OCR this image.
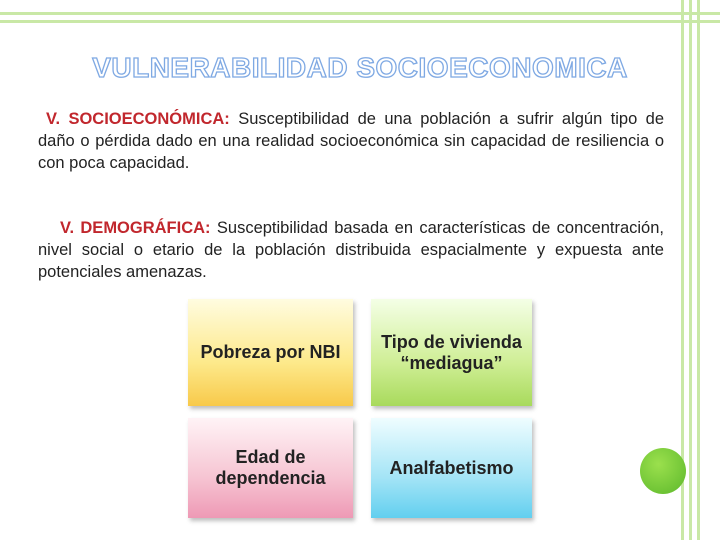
VULNERABILIDAD SOCIOECONOMICA

V. SOCIOECONÓMICA: Susceptibilidad de una población a sufrir algún tipo de daño o pérdida dado en una realidad socioeconómica sin capacidad de resiliencia o con poca capacidad.

V. DEMOGRÁFICA: Susceptibilidad basada en características de concentración, nivel social o etario de la población distribuida espacialmente y expuesta ante potenciales amenazas.

Pobreza por NBI
Tipo de vivienda “mediagua”
Edad de dependencia
Analfabetismo
